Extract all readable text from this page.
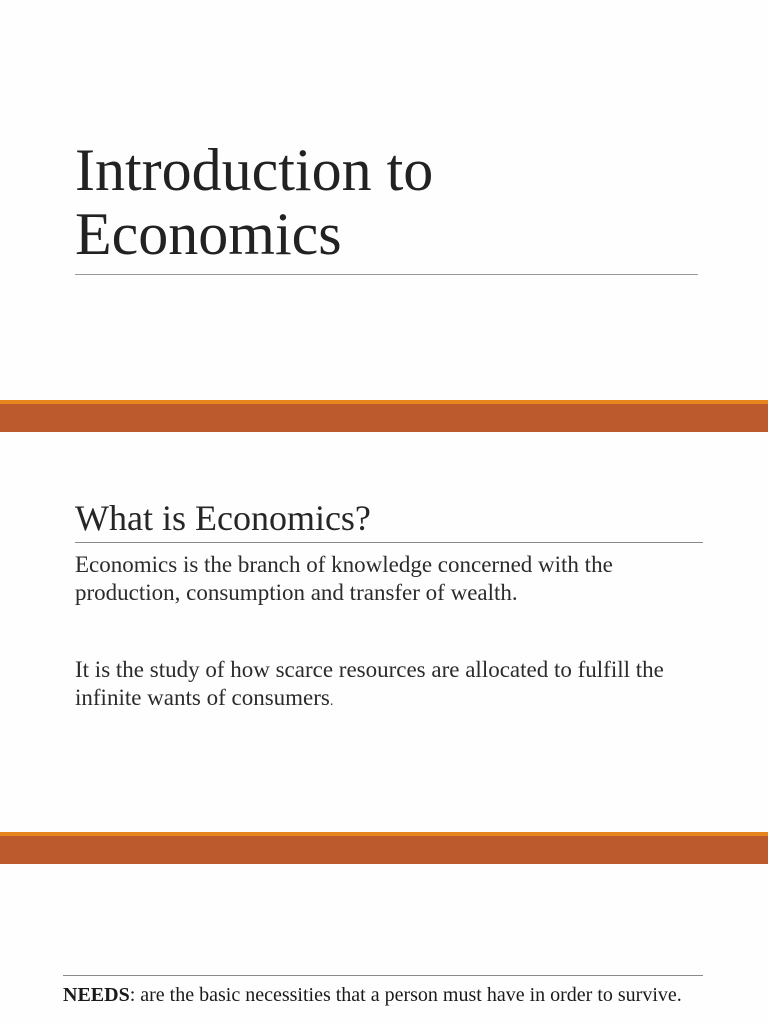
Introduction to
Economics
What is Economics?

Economics is the branch of knowledge concerned with the production, consumption and transfer of wealth.

It is the study of how scarce resources are allocated to fulfill the infinite wants of consumers.

NEEDS: are the basic necessities that a person must have in order to survive.
